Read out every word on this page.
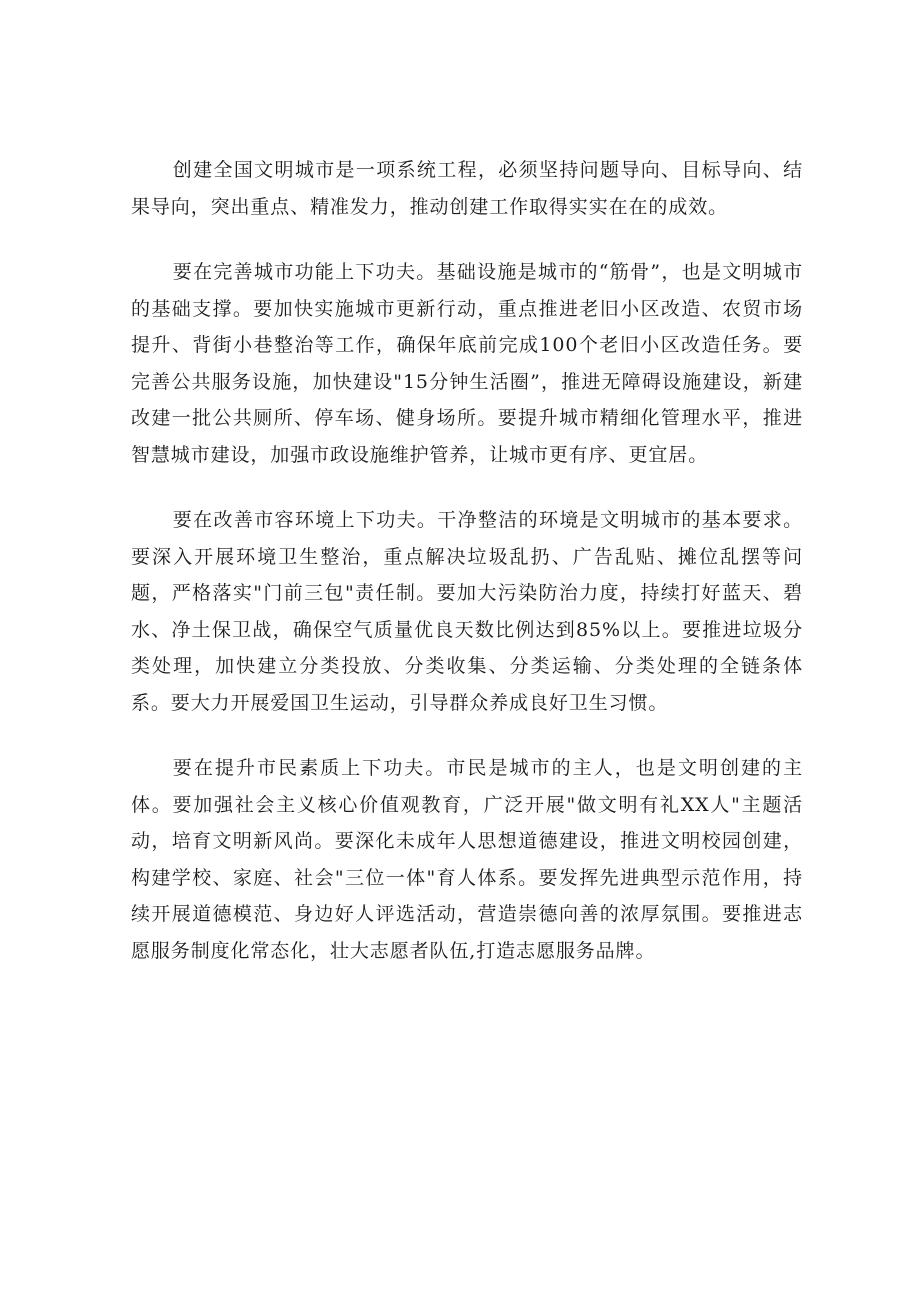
创建全国文明城市是一项系统工程，必须坚持问题导向、目标导向、结果导向，突出重点、精准发力，推动创建工作取得实实在在的成效。

要在完善城市功能上下功夫。基础设施是城市的“筋骨”，也是文明城市的基础支撑。要加快实施城市更新行动，重点推进老旧小区改造、农贸市场提升、背街小巷整治等工作，确保年底前完成100个老旧小区改造任务。要完善公共服务设施，加快建设"15分钟生活圈”，推进无障碍设施建设，新建改建一批公共厕所、停车场、健身场所。要提升城市精细化管理水平，推进智慧城市建设，加强市政设施维护管养，让城市更有序、更宜居。

要在改善市容环境上下功夫。干净整洁的环境是文明城市的基本要求。要深入开展环境卫生整治，重点解决垃圾乱扔、广告乱贴、摊位乱摆等问题，严格落实"门前三包"责任制。要加大污染防治力度，持续打好蓝天、碧水、净土保卫战，确保空气质量优良天数比例达到85%以上。要推进垃圾分类处理，加快建立分类投放、分类收集、分类运输、分类处理的全链条体系。要大力开展爱国卫生运动，引导群众养成良好卫生习惯。

要在提升市民素质上下功夫。市民是城市的主人，也是文明创建的主体。要加强社会主义核心价值观教育，广泛开展"做文明有礼XX人"主题活动，培育文明新风尚。要深化未成年人思想道德建设，推进文明校园创建，构建学校、家庭、社会"三位一体"育人体系。要发挥先进典型示范作用，持续开展道德模范、身边好人评选活动，营造崇德向善的浓厚氛围。要推进志愿服务制度化常态化，壮大志愿者队伍,打造志愿服务品牌。
